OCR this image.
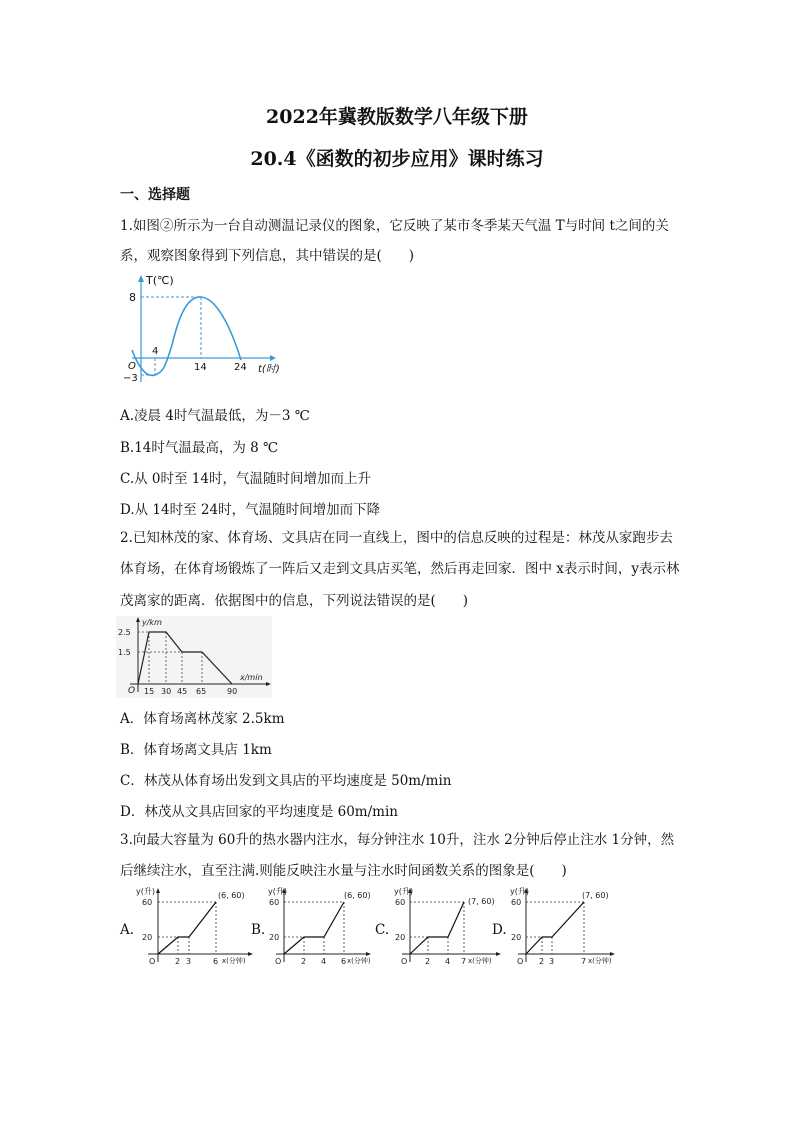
2022年冀教版数学八年级下册
20.4《函数的初步应用》课时练习
一、选择题
1.如图②所示为一台自动测温记录仪的图象，它反映了某市冬季某天气温 T与时间 t之间的关
系，观察图象得到下列信息，其中错误的是(　　)
T(℃)
8
O
−3
4
14	24 t(时)
A.凌晨 4时气温最低，为－3 ℃
B.14时气温最高，为 8 ℃
C.从 0时至 14时，气温随时间增加而上升
D.从 14时至 24时，气温随时间增加而下降
2.已知林茂的家、体育场、文具店在同一直线上，图中的信息反映的过程是：林茂从家跑步去
体育场，在体育场锻炼了一阵后又走到文具店买笔，然后再走回家．图中 x表示时间，y表示林
茂离家的距离．依据图中的信息，下列说法错误的是(　　)
y/km
2.5
1.5
O 15 30 45 65	90
x/min
A．体育场离林茂家 2.5km
B．体育场离文具店 1km
C．林茂从体育场出发到文具店的平均速度是 50m/min
D．林茂从文具店回家的平均速度是 60m/min
3.向最大容量为 60升的热水器内注水，每分钟注水 10升，注水 2分钟后停止注水 1分钟，然
后继续注水，直至注满.则能反映注水量与注水时间函数关系的图象是(　　)
A.
y(升)
60
20
(6, 60)
O 2 3	6 x(分钟)
B.
y(升)
60
20
(6, 60)
O 2 4 6 x(分钟)
C.
y(升)
60
20
(7, 60)
O 2 4 7 x(分钟)
D.
y(升)
60
20
(7, 60)
O 2 3	7 x(分钟)
